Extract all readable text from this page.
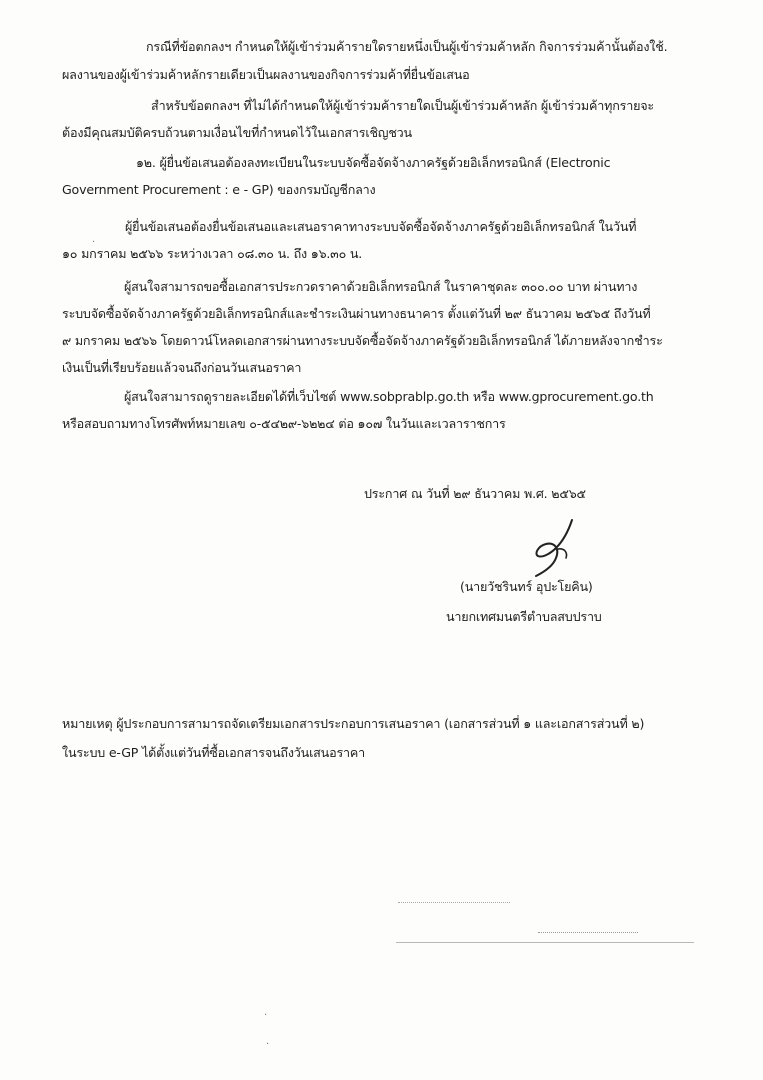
กรณีที่ข้อตกลงฯ กำหนดให้ผู้เข้าร่วมค้ารายใดรายหนึ่งเป็นผู้เข้าร่วมค้าหลัก กิจการร่วมค้านั้นต้องใช้.
ผลงานของผู้เข้าร่วมค้าหลักรายเดียวเป็นผลงานของกิจการร่วมค้าที่ยื่นข้อเสนอ
สำหรับข้อตกลงฯ ที่ไม่ได้กำหนดให้ผู้เข้าร่วมค้ารายใดเป็นผู้เข้าร่วมค้าหลัก ผู้เข้าร่วมค้าทุกรายจะ
ต้องมีคุณสมบัติครบถ้วนตามเงื่อนไขที่กำหนดไว้ในเอกสารเชิญชวน
๑๒. ผู้ยื่นข้อเสนอต้องลงทะเบียนในระบบจัดซื้อจัดจ้างภาครัฐด้วยอิเล็กทรอนิกส์ (Electronic
Government Procurement : e - GP) ของกรมบัญชีกลาง
ผู้ยื่นข้อเสนอต้องยื่นข้อเสนอและเสนอราคาทางระบบจัดซื้อจัดจ้างภาครัฐด้วยอิเล็กทรอนิกส์ ในวันที่
๑๐ มกราคม ๒๕๖๖ ระหว่างเวลา ๐๘.๓๐ น. ถึง ๑๖.๓๐ น.
ผู้สนใจสามารถขอซื้อเอกสารประกวดราคาด้วยอิเล็กทรอนิกส์ ในราคาชุดละ ๓๐๐.๐๐ บาท ผ่านทาง
ระบบจัดซื้อจัดจ้างภาครัฐด้วยอิเล็กทรอนิกส์และชำระเงินผ่านทางธนาคาร ตั้งแต่วันที่ ๒๙ ธันวาคม ๒๕๖๕ ถึงวันที่
๙ มกราคม ๒๕๖๖ โดยดาวน์โหลดเอกสารผ่านทางระบบจัดซื้อจัดจ้างภาครัฐด้วยอิเล็กทรอนิกส์ ได้ภายหลังจากชำระ
เงินเป็นที่เรียบร้อยแล้วจนถึงก่อนวันเสนอราคา
ผู้สนใจสามารถดูรายละเอียดได้ที่เว็บไซต์ www.sobprablp.go.th หรือ www.gprocurement.go.th
หรือสอบถามทางโทรศัพท์หมายเลข ๐-๕๔๒๙-๖๒๒๔ ต่อ ๑๐๗ ในวันและเวลาราชการ
ประกาศ ณ วันที่ ๒๙ ธันวาคม พ.ศ. ๒๕๖๕
(นายวัชรินทร์ อุปะโยคิน)
นายกเทศมนตรีตำบลสบปราบ
หมายเหตุ ผู้ประกอบการสามารถจัดเตรียมเอกสารประกอบการเสนอราคา (เอกสารส่วนที่ ๑ และเอกสารส่วนที่ ๒)
ในระบบ e-GP ได้ตั้งแต่วันที่ซื้อเอกสารจนถึงวันเสนอราคา
·
·
·
